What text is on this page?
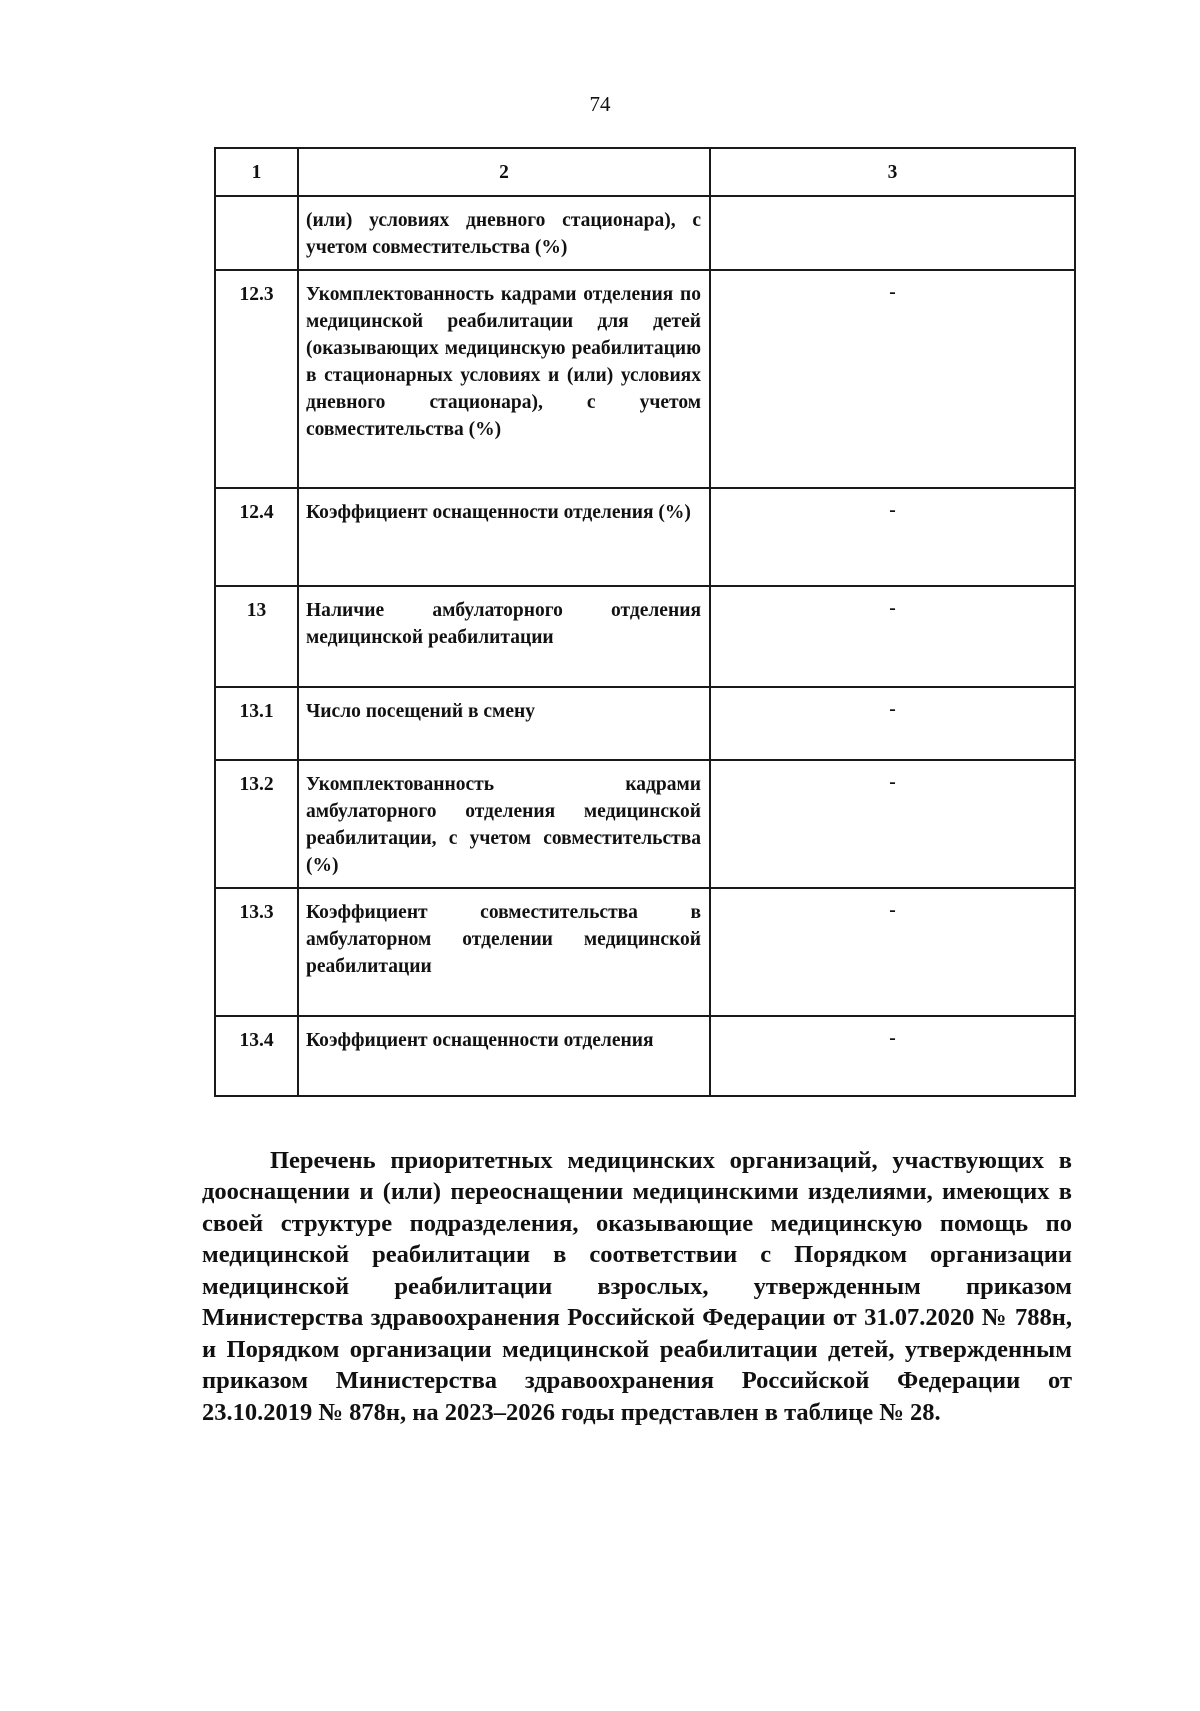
74
1	2	3
	(или) условиях дневного стационара), с учетом совместительства (%)	
12.3	Укомплектованность кадрами отделения по медицинской реабилитации для детей (оказывающих медицинскую реабилитацию в стационарных условиях и (или) условиях дневного стационара), с учетом совместительства (%)	-
12.4	Коэффициент оснащенности отделения (%)	-
13	Наличие амбулаторного отделения медицинской реабилитации	-
13.1	Число посещений в смену	-
13.2	Укомплектованность кадрами амбулаторного отделения медицинской реабилитации, с учетом совместительства (%)	-
13.3	Коэффициент совместительства в амбулаторном отделении медицинской реабилитации	-
13.4	Коэффициент оснащенности отделения	-

Перечень приоритетных медицинских организаций, участвующих в дооснащении и (или) переоснащении медицинскими изделиями, имеющих в своей структуре подразделения, оказывающие медицинскую помощь по медицинской реабилитации в соответствии с Порядком организации медицинской реабилитации взрослых, утвержденным приказом Министерства здравоохранения Российской Федерации от 31.07.2020 № 788н, и Порядком организации медицинской реабилитации детей, утвержденным приказом Министерства здравоохранения Российской Федерации от 23.10.2019 № 878н, на 2023–2026 годы представлен в таблице № 28.
